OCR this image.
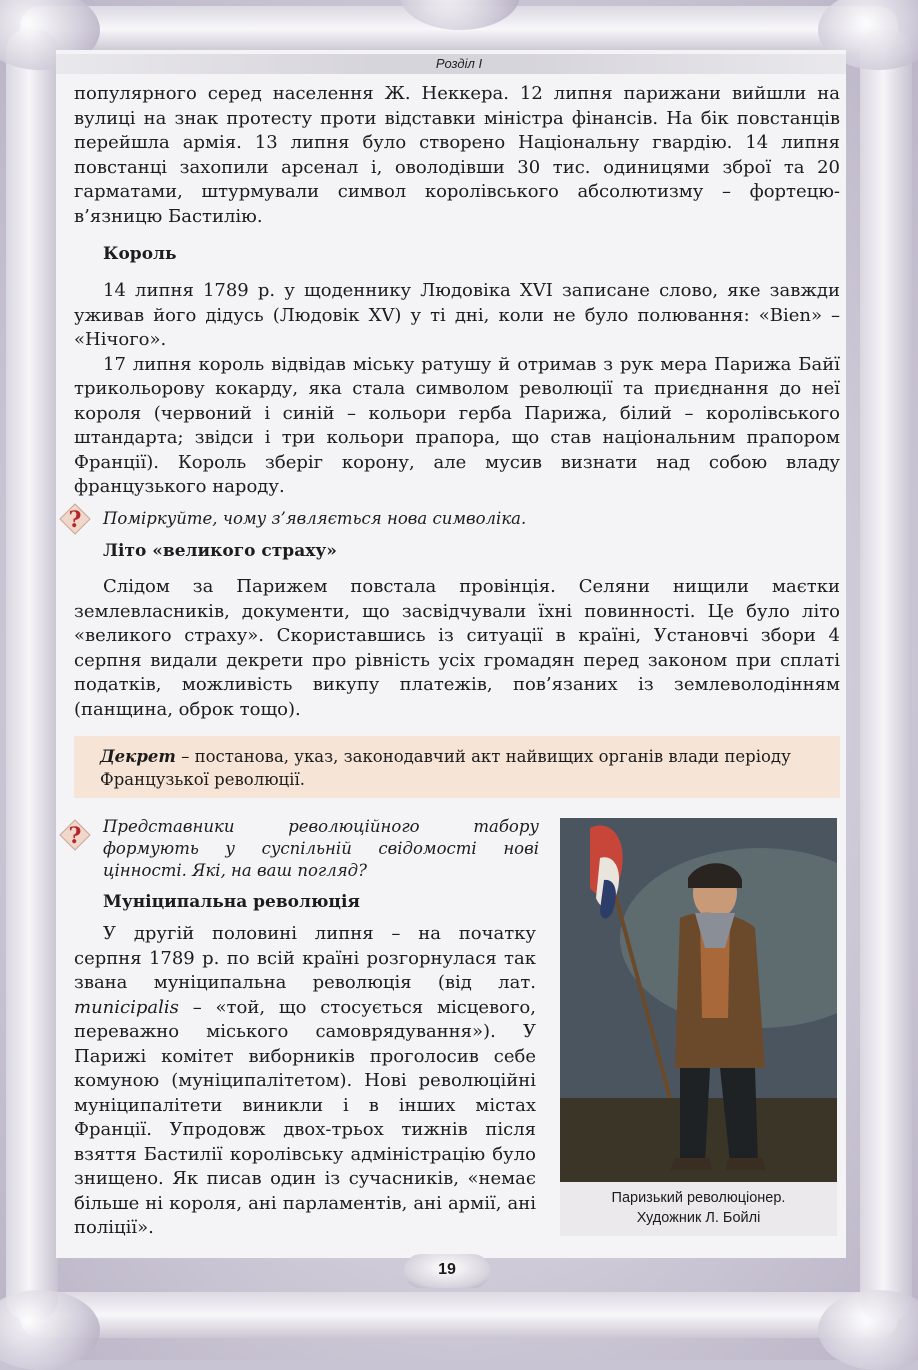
Розділ І

популярного серед населення Ж. Неккера. 12 липня парижани вийшли на вулиці на знак протесту проти відставки міністра фінансів. На бік повстанців перейшла армія. 13 липня було створено Національну гвардію. 14 липня повстанці захопили арсенал і, оволодівши 30 тис. одиницями зброї та 20 гарматами, штурмували символ королівського абсолютизму – фортецю-в’язницю Бастилію.

Король

14 липня 1789 р. у щоденнику Людовіка XVI записане слово, яке завжди уживав його дідусь (Людовік XV) у ті дні, коли не було полювання: «Bien» – «Нічого».

17 липня король відвідав міську ратушу й отримав з рук мера Парижа Байї трикольорову кокарду, яка стала символом революції та приєднання до неї короля (червоний і синій – кольори герба Парижа, білий – королівського штандарта; звідси і три кольори прапора, що став національним прапором Франції). Король зберіг корону, але мусив визнати над собою владу французького народу.

? Поміркуйте, чому з’являється нова символіка.
Літо «великого страху»

Слідом за Парижем повстала провінція. Селяни нищили маєтки землевласників, документи, що засвідчували їхні повинності. Це було літо «великого страху». Скориставшись із ситуації в країні, Установчі збори 4 серпня видали декрети про рівність усіх громадян перед законом при сплаті податків, можливість викупу платежів, пов’язаних із землеволодінням (панщина, оброк тощо).

Декрет – постанова, указ, законодавчий акт найвищих органів влади періоду Французької революції.
? Представники революційного табору формують у суспільній свідомості нові цінності. Які, на ваш погляд?
Муніципальна революція

У другій половині липня – на початку серпня 1789 р. по всій країні розгорнулася так звана муніципальна революція (від лат. municipalis – «той, що стосується місцевого, переважно міського самоврядування»). У Парижі комітет виборників проголосив себе комуною (муніципалітетом). Нові революційні муніципалітети виникли і в інших містах Франції. Упродовж двох-трьох тижнів після взяття Бастилії королівську адміністрацію було знищено. Як писав один із сучасників, «немає більше ні короля, ані парламентів, ані армії, ані поліції».

Паризький революціонер.
Художник Л. Бойлі
19
